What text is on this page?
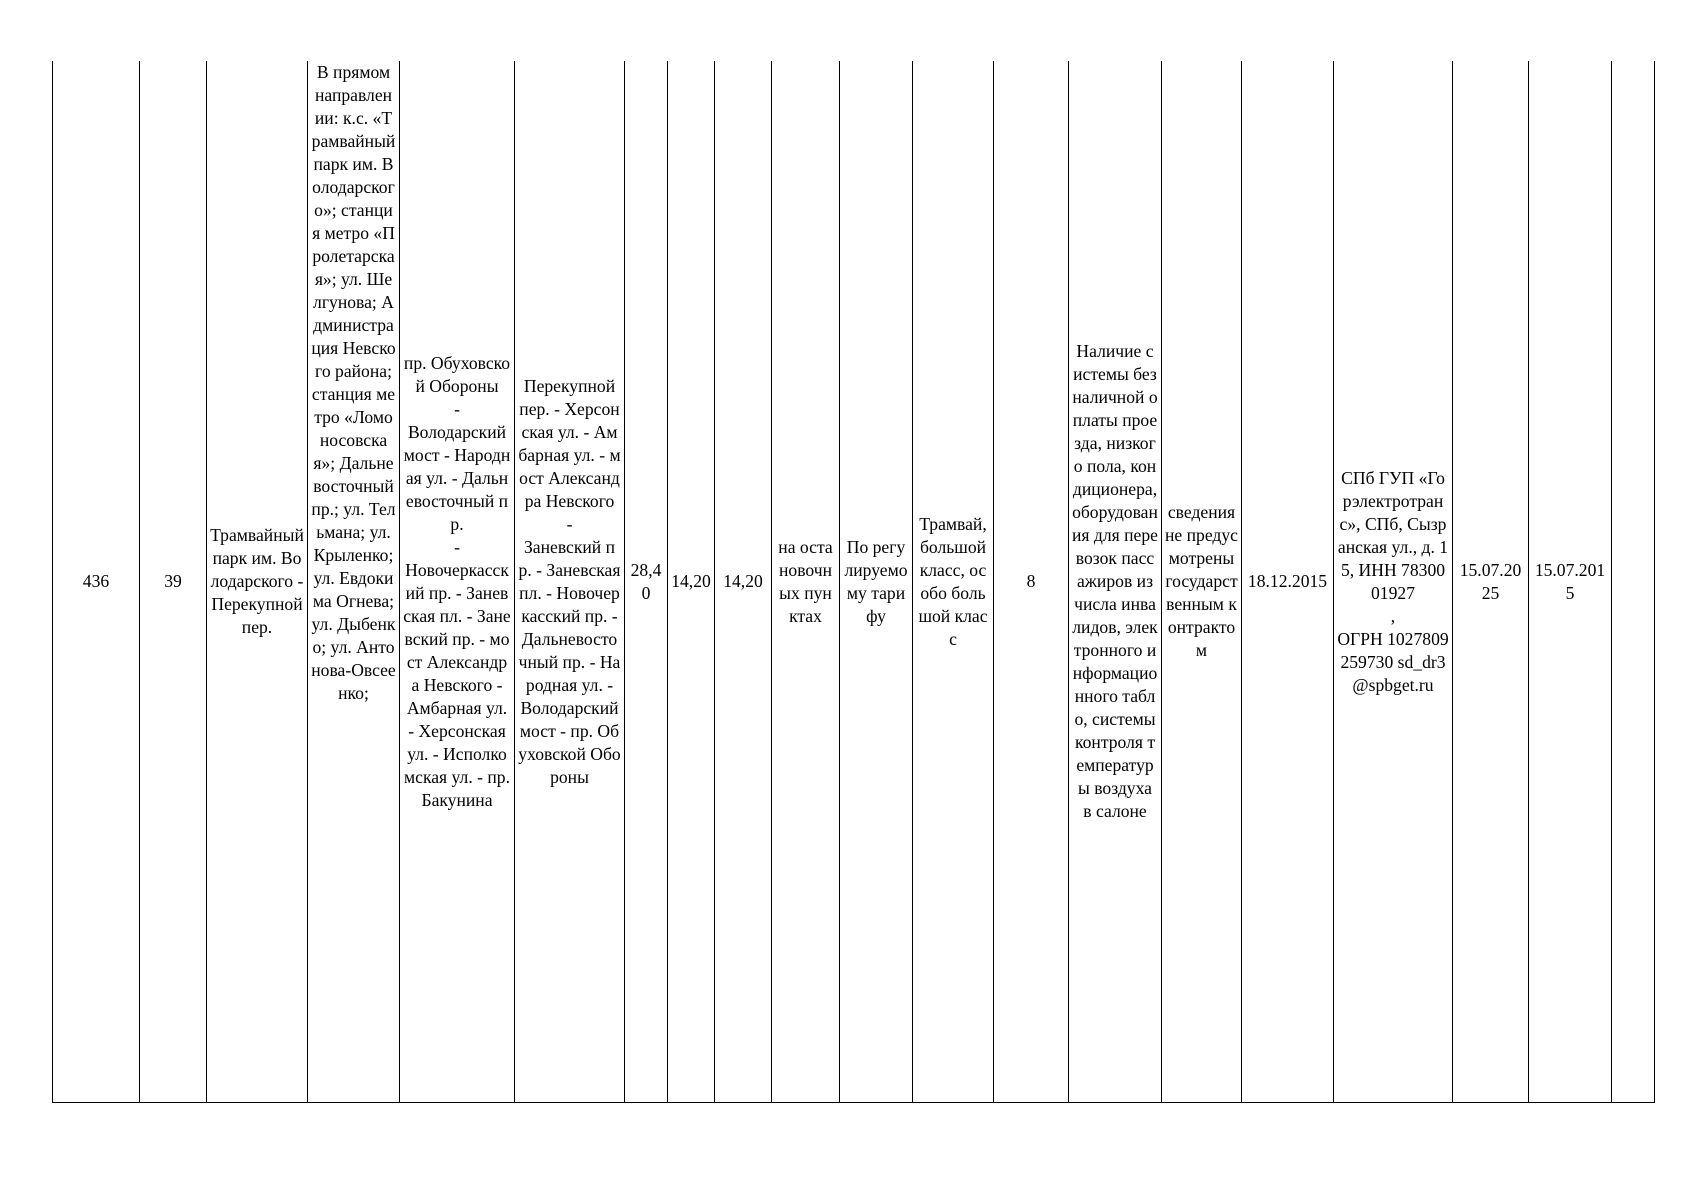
436	39	Трамвайный парк им. Володарского - Перекупной пер.	В прямом направлении: к.с. «Трамвайный парк им. Володарского»; станция метро «Пролетарская»; ул. Шелгунова; Администрация Невского района; станция метро «Ломоносовская»; Дальневосточный пр.; ул. Тельмана; ул. Крыленко; ул. Евдокима Огнева; ул. Дыбенко; ул. Антонова-Овсеенко;	пр. Обуховской Обороны
-
Володарский мост - Народная ул. - Дальневосточный пр.
-
Новочеркасский пр. - Заневская пл. - Заневский пр. - мост Александра Невского - Амбарная ул. - Херсонская ул. - Исполкомская ул. - пр. Бакунина	Перекупной пер. - Херсонская ул. - Амбарная ул. - мост Александра Невского
-
Заневский пр. - Заневская пл. - Новочеркасский пр. - Дальневосточный пр. - Народная ул. - Володарский мост - пр. Обуховской Обороны	28,40	14,20	14,20	на остановочных пунктах	По регулируемому тарифу	Трамвай, большой класс, особо большой класс	8	Наличие системы безналичной оплаты проезда, низкого пола, кондиционера, оборудования для перевозок пассажиров из числа инвалидов, электронного информационного табло, системы контроля температуры воздуха в салоне	сведения не предусмотрены государственным контрактом	18.12.2015	СПб ГУП «Горэлектротранс», СПб, Сызранская ул., д. 15, ИНН 7830001927
,
ОГРН 1027809259730 sd_dr3@spbget.ru	15.07.2025	15.07.2015	
